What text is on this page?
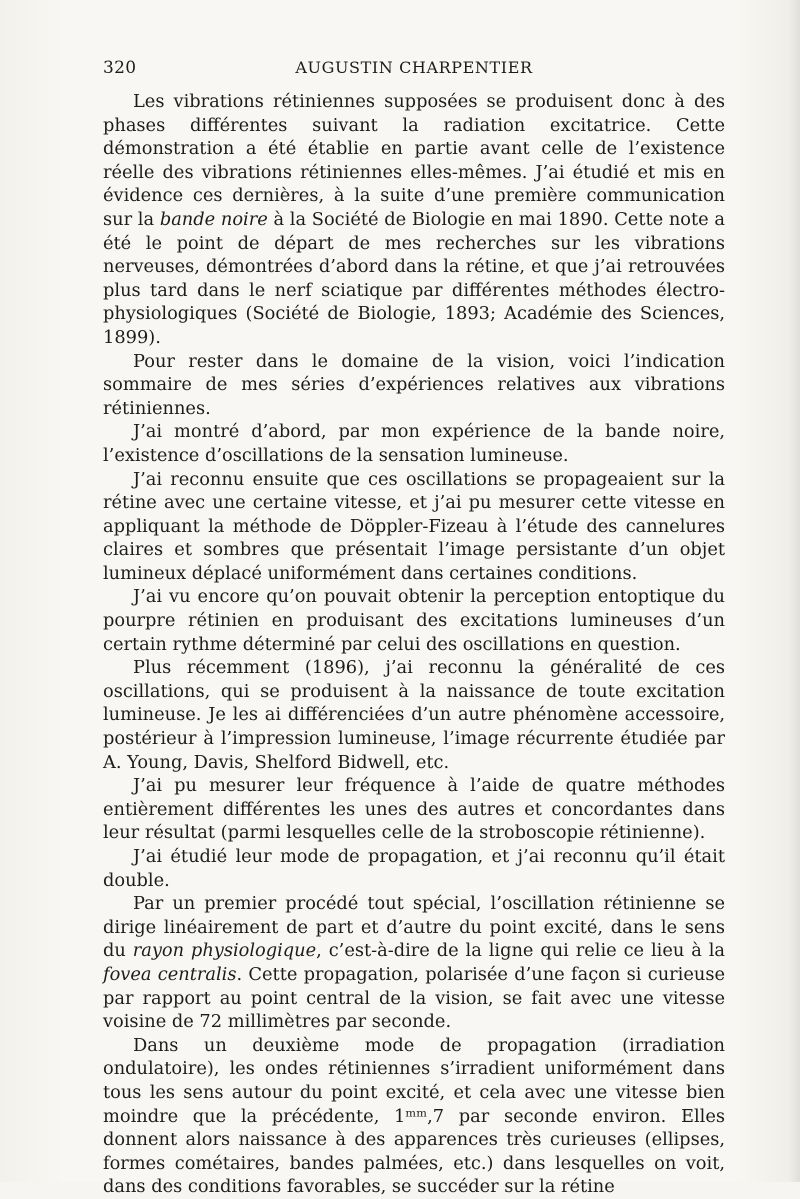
320	AUGUSTIN CHARPENTIER

Les vibrations rétiniennes supposées se produisent donc à des phases différentes suivant la radiation excitatrice. Cette démonstration a été établie en partie avant celle de l’existence réelle des vibrations rétiniennes elles-mêmes. J’ai étudié et mis en évidence ces dernières, à la suite d’une première communication sur la bande noire à la Société de Biologie en mai 1890. Cette note a été le point de départ de mes recherches sur les vibrations nerveuses, démontrées d’abord dans la rétine, et que j’ai retrouvées plus tard dans le nerf sciatique par différentes méthodes électro-physiologiques (Société de Biologie, 1893; Académie des Sciences, 1899).

Pour rester dans le domaine de la vision, voici l’indication sommaire de mes séries d’expériences relatives aux vibrations rétiniennes.

J’ai montré d’abord, par mon expérience de la bande noire, l’existence d’oscillations de la sensation lumineuse.

J’ai reconnu ensuite que ces oscillations se propageaient sur la rétine avec une certaine vitesse, et j’ai pu mesurer cette vitesse en appliquant la méthode de Döppler-Fizeau à l’étude des cannelures claires et sombres que présentait l’image persistante d’un objet lumineux déplacé uniformément dans certaines conditions.

J’ai vu encore qu’on pouvait obtenir la perception entoptique du pourpre rétinien en produisant des excitations lumineuses d’un certain rythme déterminé par celui des oscillations en question.

Plus récemment (1896), j’ai reconnu la généralité de ces oscillations, qui se produisent à la naissance de toute excitation lumineuse. Je les ai différenciées d’un autre phénomène accessoire, postérieur à l’impression lumineuse, l’image récurrente étudiée par A. Young, Davis, Shelford Bidwell, etc.

J’ai pu mesurer leur fréquence à l’aide de quatre méthodes entièrement différentes les unes des autres et concordantes dans leur résultat (parmi lesquelles celle de la stroboscopie rétinienne).

J’ai étudié leur mode de propagation, et j’ai reconnu qu’il était double.

Par un premier procédé tout spécial, l’oscillation rétinienne se dirige linéairement de part et d’autre du point excité, dans le sens du rayon physiologique, c’est-à-dire de la ligne qui relie ce lieu à la fovea centralis. Cette propagation, polarisée d’une façon si curieuse par rapport au point central de la vision, se fait avec une vitesse voisine de 72 millimètres par seconde.

Dans un deuxième mode de propagation (irradiation ondulatoire), les ondes rétiniennes s’irradient uniformément dans tous les sens autour du point excité, et cela avec une vitesse bien moindre que la précédente, 1ᵐᵐ,7 par seconde environ. Elles donnent alors naissance à des apparences très curieuses (ellipses, formes cométaires, bandes palmées, etc.) dans lesquelles on voit, dans des conditions favorables, se succéder sur la rétine
